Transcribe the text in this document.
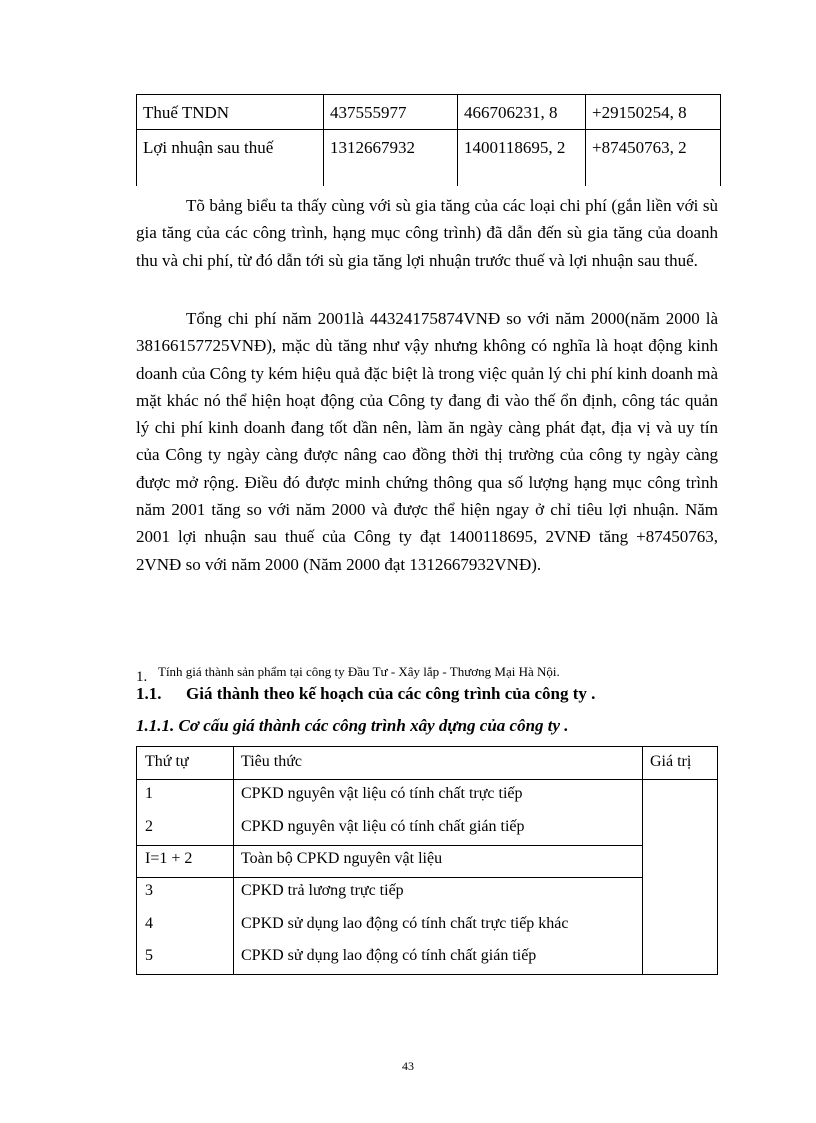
Thuế TNDN	437555977	466706231, 8	+29150254, 8
Lợi nhuận sau thuế	1312667932	1400118695, 2	+87450763, 2

Tõ bảng biểu ta thấy cùng với sù gia tăng của các loại chi phí (gắn liền với sù gia tăng của các công trình, hạng mục công trình) đã dẫn đến sù gia tăng của doanh thu và chi phí, từ đó dẫn tới sù gia tăng lợi nhuận trước thuế và lợi nhuận sau thuế.

Tổng chi phí năm 2001là 44324175874VNĐ so với năm 2000(năm 2000 là 38166157725VNĐ), mặc dù tăng như vậy nhưng không có nghĩa là hoạt động kinh doanh của Công ty kém hiệu quả đặc biệt là trong việc quản lý chi phí kinh doanh mà mặt khác nó thể hiện hoạt động của Công ty đang đi vào thế ổn định, công tác quản lý chi phí kinh doanh đang tốt dần nên, làm ăn ngày càng phát đạt, địa vị và uy tín của Công ty ngày càng được nâng cao đồng thời thị trường của công ty ngày càng được mở rộng. Điều đó được minh chứng thông qua số lượng hạng mục công trình năm 2001 tăng so với năm 2000 và được thể hiện ngay ở chỉ tiêu lợi nhuận. Năm 2001 lợi nhuận sau thuế của Công ty đạt 1400118695, 2VNĐ tăng +87450763, 2VNĐ so với năm 2000 (Năm 2000 đạt 1312667932VNĐ).

1. Tính giá thành sản phẩm tại công ty Đầu Tư - Xây lắp - Thương Mại Hà Nội.
1.1. Giá thành theo kế hoạch của các công trình của công ty .
1.1.1. Cơ cấu giá thành các công trình xây dựng của công ty .
Thứ tự	Tiêu thức	Giá trị
1	CPKD nguyên vật liệu có tính chất trực tiếp
2	CPKD nguyên vật liệu có tính chất gián tiếp
I=1 + 2	Toàn bộ CPKD nguyên vật liệu
3	CPKD trả lương trực tiếp
4	CPKD sử dụng lao động có tính chất trực tiếp khác
5	CPKD sử dụng lao động có tính chất gián tiếp
43
